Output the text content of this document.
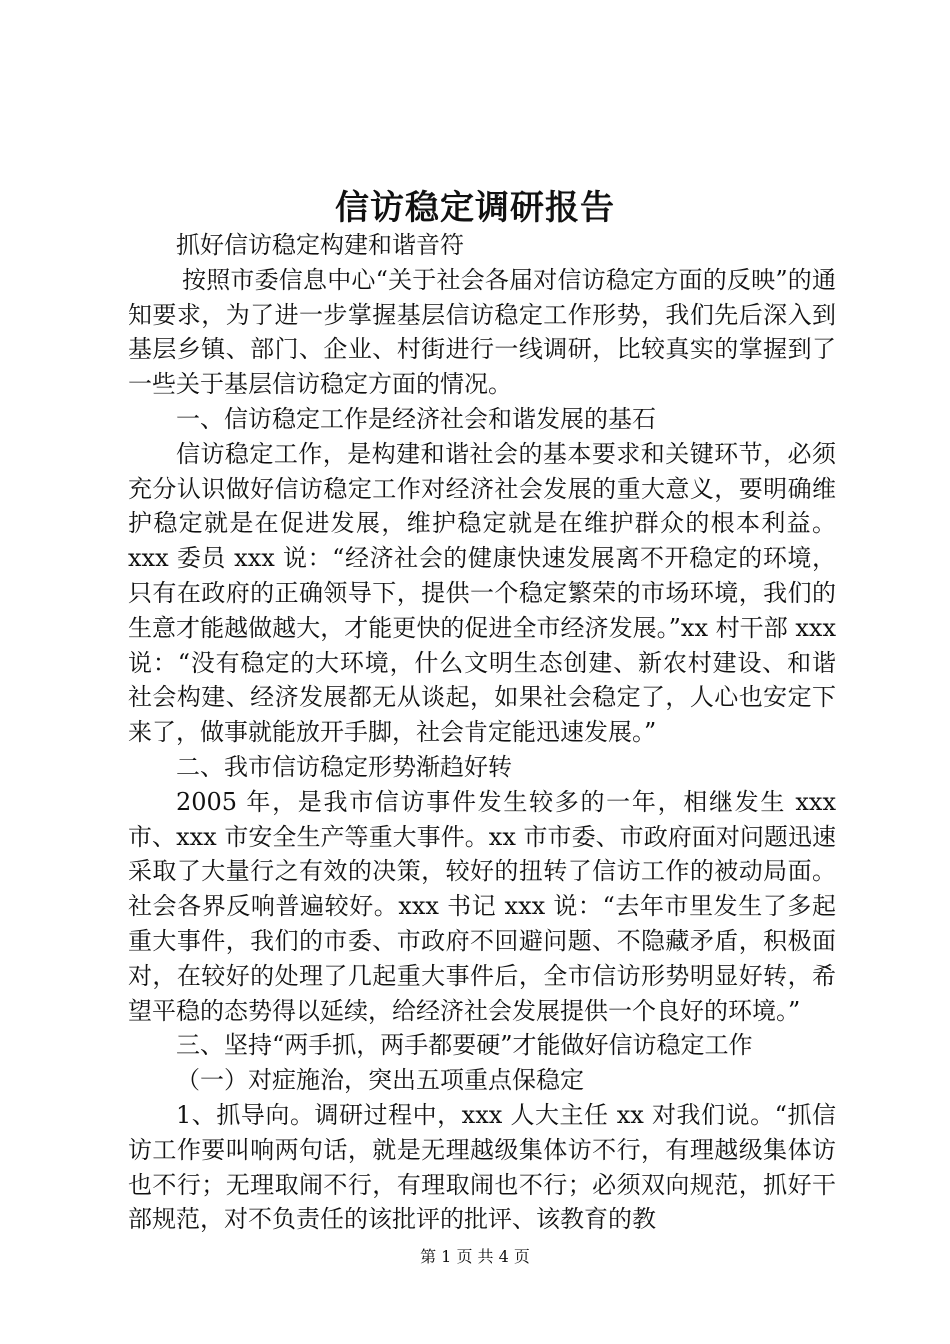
信访稳定调研报告

抓好信访稳定构建和谐音符

按照市委信息中心“关于社会各届对信访稳定方面的反映”的通知要求，为了进一步掌握基层信访稳定工作形势，我们先后深入到基层乡镇、部门、企业、村街进行一线调研，比较真实的掌握到了一些关于基层信访稳定方面的情况。

一、信访稳定工作是经济社会和谐发展的基石

信访稳定工作，是构建和谐社会的基本要求和关键环节，必须充分认识做好信访稳定工作对经济社会发展的重大意义，要明确维护稳定就是在促进发展，维护稳定就是在维护群众的根本利益。xxx 委员 xxx 说：“经济社会的健康快速发展离不开稳定的环境，只有在政府的正确领导下，提供一个稳定繁荣的市场环境，我们的生意才能越做越大，才能更快的促进全市经济发展。”xx 村干部 xxx 说：“没有稳定的大环境，什么文明生态创建、新农村建设、和谐社会构建、经济发展都无从谈起，如果社会稳定了，人心也安定下来了，做事就能放开手脚，社会肯定能迅速发展。”

二、我市信访稳定形势渐趋好转

2005 年，是我市信访事件发生较多的一年，相继发生 xxx 市、xxx 市安全生产等重大事件。xx 市市委、市政府面对问题迅速采取了大量行之有效的决策，较好的扭转了信访工作的被动局面。社会各界反响普遍较好。xxx 书记 xxx 说：“去年市里发生了多起重大事件，我们的市委、市政府不回避问题、不隐藏矛盾，积极面对，在较好的处理了几起重大事件后，全市信访形势明显好转，希望平稳的态势得以延续，给经济社会发展提供一个良好的环境。”

三、坚持“两手抓，两手都要硬”才能做好信访稳定工作

（一）对症施治，突出五项重点保稳定

1、抓导向。调研过程中，xxx 人大主任 xx 对我们说。“抓信访工作要叫响两句话，就是无理越级集体访不行，有理越级集体访也不行；无理取闹不行，有理取闹也不行；必须双向规范，抓好干部规范，对不负责任的该批评的批评、该教育的教

第 1 页 共 4 页
